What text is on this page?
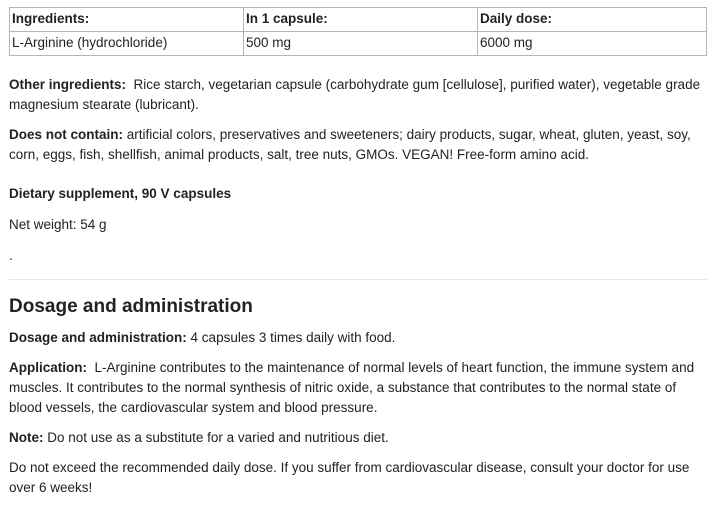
Ingredients:	In 1 capsule:	Daily dose:
L-Arginine (hydrochloride)	500 mg	6000 mg

Other ingredients: Rice starch, vegetarian capsule (carbohydrate gum [cellulose], purified water), vegetable grade magnesium stearate (lubricant).

Does not contain: artificial colors, preservatives and sweeteners; dairy products, sugar, wheat, gluten, yeast, soy, corn, eggs, fish, shellfish, animal products, salt, tree nuts, GMOs. VEGAN! Free-form amino acid.

Dietary supplement, 90 V capsules

Net weight: 54 g

.

Dosage and administration

Dosage and administration: 4 capsules 3 times daily with food.

Application: L-Arginine contributes to the maintenance of normal levels of heart function, the immune system and muscles. It contributes to the normal synthesis of nitric oxide, a substance that contributes to the normal state of blood vessels, the cardiovascular system and blood pressure.

Note: Do not use as a substitute for a varied and nutritious diet.

Do not exceed the recommended daily dose. If you suffer from cardiovascular disease, consult your doctor for use over 6 weeks!
